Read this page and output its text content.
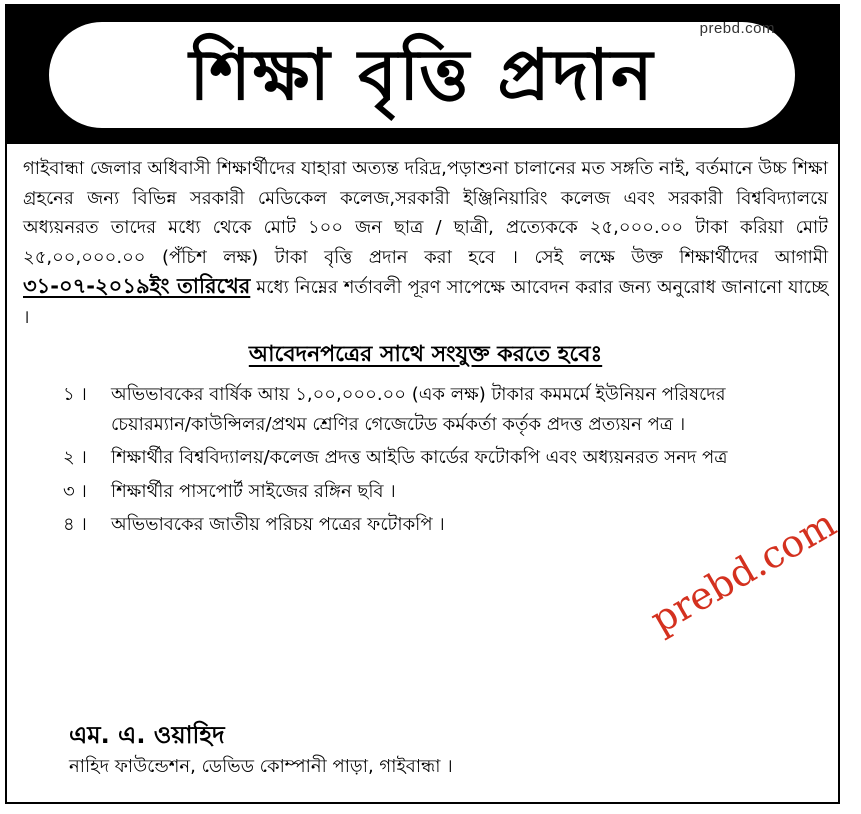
শিক্ষা বৃত্তি প্রদান
prebd.com

গাইবান্ধা জেলার অধিবাসী শিক্ষার্থীদের যাহারা অত্যন্ত দরিদ্র,পড়াশুনা চালানের মত সঙ্গতি নাই, বর্তমানে উচ্চ শিক্ষা গ্রহনের জন্য বিভিন্ন সরকারী মেডিকেল কলেজ,সরকারী ইঞ্জিনিয়ারিং কলেজ এবং সরকারী বিশ্ববিদ্যালয়ে অধ্যয়নরত তাদের মধ্যে থেকে মোট ১০০ জন ছাত্র / ছাত্রী, প্রত্যেককে ২৫,০০০.০০ টাকা করিয়া মোট ২৫,০০,০০০.০০ (পঁচিশ লক্ষ) টাকা বৃত্তি প্রদান করা হবে । সেই লক্ষে উক্ত শিক্ষার্থীদের আগামী ৩১-০৭-২০১৯ইং তারিখের মধ্যে নিম্নের শর্তাবলী পূরণ সাপেক্ষে আবেদন করার জন্য অনুরোধ জানানো যাচ্ছে ।

আবেদনপত্রের সাথে সংযুক্ত করতে হবেঃ
১ ।	অভিভাবকের বার্ষিক আয় ১,০০,০০০.০০ (এক লক্ষ) টাকার কমমর্মে ইউনিয়ন পরিষদের চেয়ারম্যান/কাউন্সিলর/প্রথম শ্রেণির গেজেটেড কর্মকর্তা কর্তৃক প্রদত্ত প্রত্যয়ন পত্র ।
২ ।	শিক্ষার্থীর বিশ্ববিদ্যালয়/কলেজ প্রদত্ত আইডি কার্ডের ফটোকপি এবং অধ্যয়নরত সনদ পত্র
৩ ।	শিক্ষার্থীর পাসপোর্ট সাইজের রঙ্গিন ছবি ।
৪ ।	অভিভাবকের জাতীয় পরিচয় পত্রের ফটোকপি ।
এম. এ. ওয়াহিদ
নাহিদ ফাউন্ডেশন, ডেভিড কোম্পানী পাড়া, গাইবান্ধা ।
prebd.com
